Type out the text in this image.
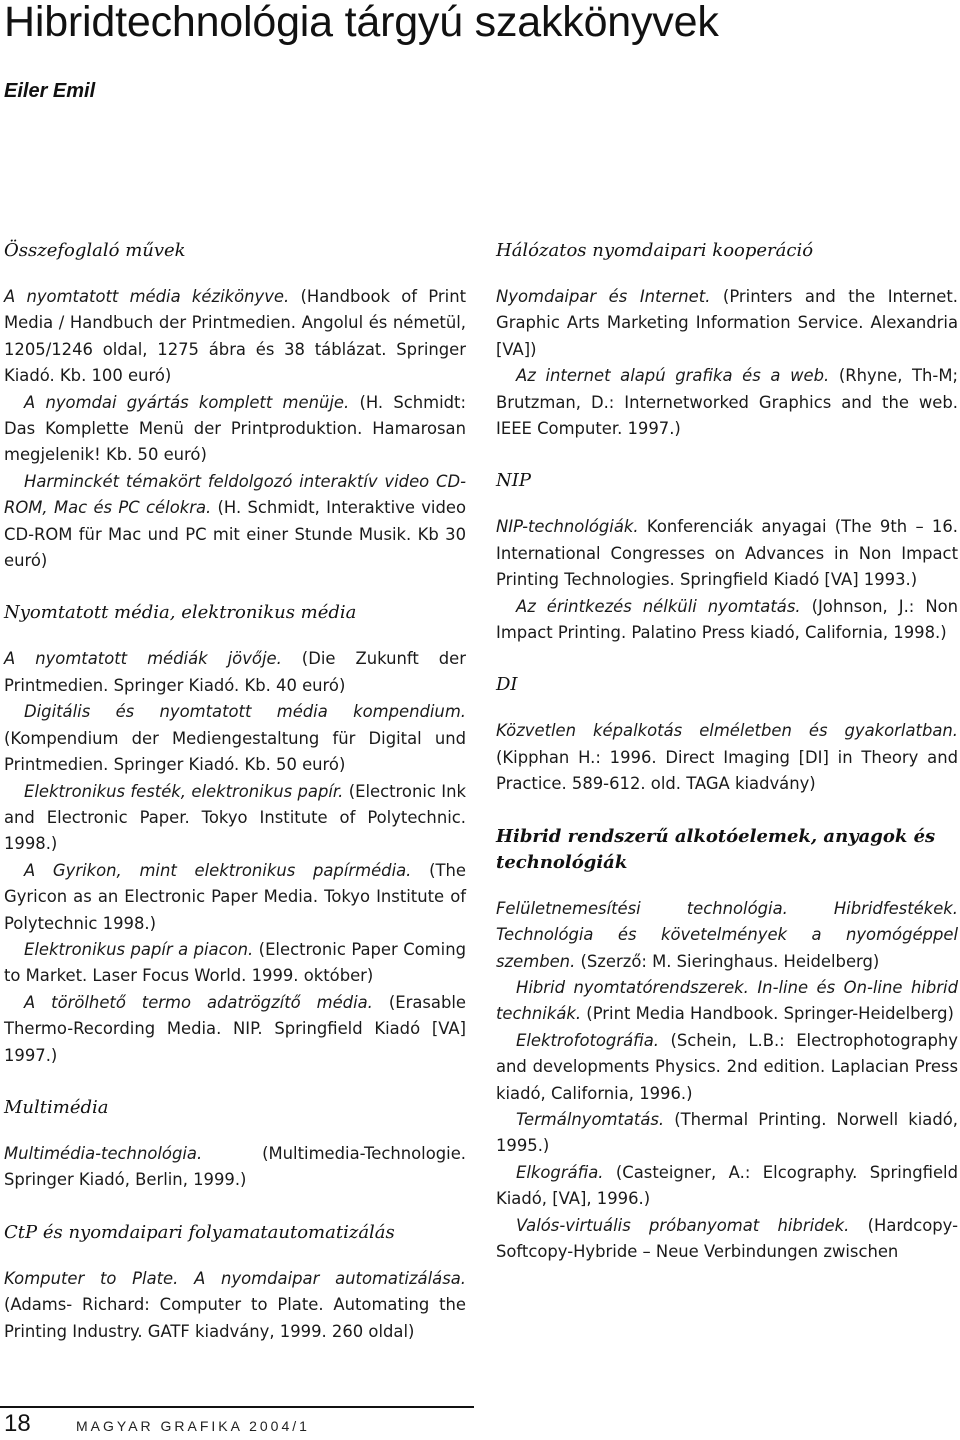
Hibridtechnológia tárgyú szakkönyvek
Eiler Emil
Összefoglaló művek

A nyomtatott média kézikönyve. (Handbook of Print Media / Handbuch der Printmedien. Angolul és németül, 1205/1246 oldal, 1275 ábra és 38 táblázat. Springer Kiadó. Kb. 100 euró)

A nyomdai gyártás komplett menüje. (H. Schmidt: Das Komplette Menü der Printproduktion. Hamarosan megjelenik! Kb. 50 euró)

Harminckét témakört feldolgozó interaktív video CD-ROM, Mac és PC célokra. (H. Schmidt, Interaktive video CD-ROM für Mac und PC mit einer Stunde Musik. Kb 30 euró)

Nyomtatott média, elektronikus média

A nyomtatott médiák jövője. (Die Zukunft der Printmedien. Springer Kiadó. Kb. 40 euró)

Digitális és nyomtatott média kompendium. (Kompendium der Mediengestaltung für Digital und Printmedien. Springer Kiadó. Kb. 50 euró)

Elektronikus festék, elektronikus papír. (Electronic Ink and Electronic Paper. Tokyo Institute of Polytechnic. 1998.)

A Gyrikon, mint elektronikus papírmédia. (The Gyricon as an Electronic Paper Media. Tokyo Institute of Polytechnic 1998.)

Elektronikus papír a piacon. (Electronic Paper Coming to Market. Laser Focus World. 1999. október)

A törölhető termo adatrögzítő média. (Erasable Thermo-Recording Media. NIP. Springfield Kiadó [VA] 1997.)

Multimédia

Multimédia-technológia. (Multimedia-Technologie. Springer Kiadó, Berlin, 1999.)

CtP és nyomdaipari folyamatautomatizálás

Komputer to Plate. A nyomdaipar automatizálása. (Adams- Richard: Computer to Plate. Automating the Printing Industry. GATF kiadvány, 1999. 260 oldal)

Hálózatos nyomdaipari kooperáció

Nyomdaipar és Internet. (Printers and the Internet. Graphic Arts Marketing Information Service. Alexandria [VA])

Az internet alapú grafika és a web. (Rhyne, Th-M; Brutzman, D.: Internetworked Graphics and the web. IEEE Computer. 1997.)

NIP

NIP-technológiák. Konferenciák anyagai (The 9th – 16. International Congresses on Advances in Non Impact Printing Technologies. Springfield Kiadó [VA] 1993.)

Az érintkezés nélküli nyomtatás. (Johnson, J.: Non Impact Printing. Palatino Press kiadó, California, 1998.)

DI

Közvetlen képalkotás elméletben és gyakorlatban. (Kipphan H.: 1996. Direct Imaging [DI] in Theory and Practice. 589-612. old. TAGA kiadvány)

Hibrid rendszerű alkotóelemek, anyagok és technológiák

Felületnemesítési technológia. Hibridfestékek. Technológia és követelmények a nyomógéppel szemben. (Szerző: M. Sieringhaus. Heidelberg)

Hibrid nyomtatórendszerek. In-line és On-line hibrid technikák. (Print Media Handbook. Springer-Heidelberg)

Elektrofotográfia. (Schein, L.B.: Electrophotography and developments Physics. 2nd edition. Laplacian Press kiadó, California, 1996.)

Termálnyomtatás. (Thermal Printing. Norwell kiadó, 1995.)

Elkográfia. (Casteigner, A.: Elcography. Springfield Kiadó, [VA], 1996.)

Valós-virtuális próbanyomat hibridek. (Hardcopy-Softcopy-Hybride – Neue Verbindungen zwischen

18	MAGYAR GRAFIKA 2004/1
